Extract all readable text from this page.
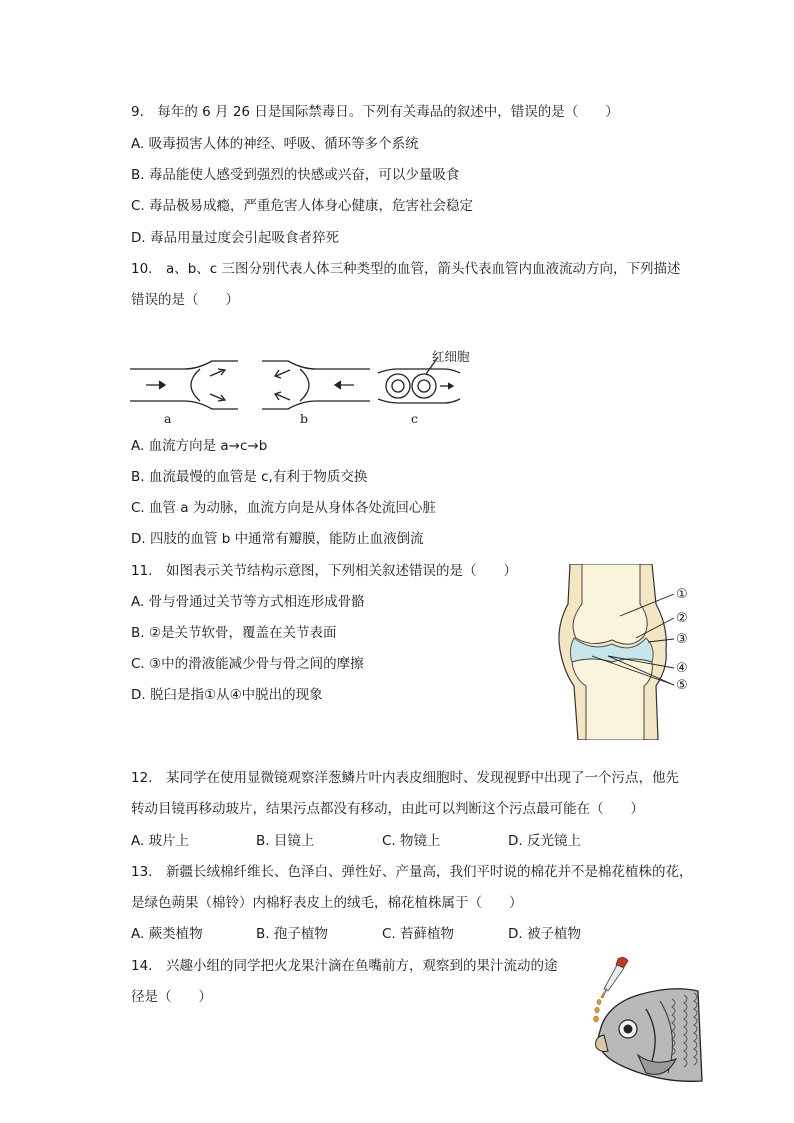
9.　每年的 6 月 26 日是国际禁毒日。下列有关毒品的叙述中，错误的是（　　）
A. 吸毒损害人体的神经、呼吸、循环等多个系统
B. 毒品能使人感受到强烈的快感或兴奋，可以少量吸食
C. 毒品极易成瘾，严重危害人体身心健康，危害社会稳定
D. 毒品用量过度会引起吸食者猝死
10.　a、b、c 三图分别代表人体三种类型的血管，箭头代表血管内血液流动方向，下列描述
错误的是（　　）
红细胞
a	b	c
A. 血流方向是 a→c→b
B. 血流最慢的血管是 c,有利于物质交换
C. 血管 a 为动脉，血流方向是从身体各处流回心脏
D. 四肢的血管 b 中通常有瓣膜，能防止血液倒流
11.　如图表示关节结构示意图，下列相关叙述错误的是（　　）
A. 骨与骨通过关节等方式相连形成骨骼
B. ②是关节软骨，覆盖在关节表面
C. ③中的滑液能减少骨与骨之间的摩擦
D. 脱臼是指①从④中脱出的现象
①
②
③
④
⑤
12.　某同学在使用显微镜观察洋葱鳞片叶内表皮细胞时、发现视野中出现了一个污点，他先
转动目镜再移动玻片，结果污点都没有移动，由此可以判断这个污点最可能在（　　）
A. 玻片上	B. 目镜上	C. 物镜上	D. 反光镜上
13.　新疆长绒棉纤维长、色泽白、弹性好、产量高，我们平时说的棉花并不是棉花植株的花，
是绿色蒴果（棉铃）内棉籽表皮上的绒毛，棉花植株属于（　　）
A. 蕨类植物	B. 孢子植物	C. 苔藓植物	D. 被子植物
14.　兴趣小组的同学把火龙果汁滴在鱼嘴前方，观察到的果汁流动的途
径是（　　）
